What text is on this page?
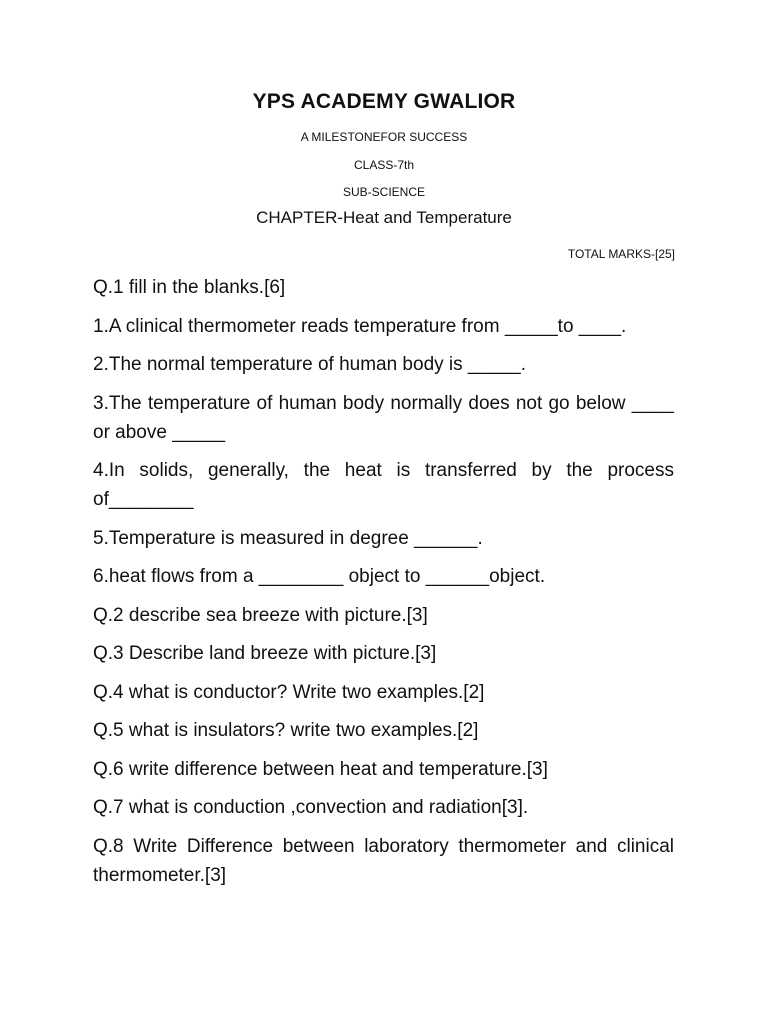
YPS ACADEMY GWALIOR

A MILESTONEFOR SUCCESS

CLASS-7th

SUB-SCIENCE

CHAPTER-Heat and Temperature

TOTAL MARKS-[25]

Q.1 fill in the blanks.[6]

1.A clinical thermometer reads temperature from _____to ____.

2.The normal temperature of human body is _____.

3.The temperature of human body normally does not go below ____ or above _____

4.In solids, generally, the heat is transferred by the process of________

5.Temperature is measured in degree ______.

6.heat flows from a ________ object to ______object.

Q.2 describe sea breeze with picture.[3]

Q.3 Describe land breeze with picture.[3]

Q.4 what is conductor? Write two examples.[2]

Q.5 what is insulators? write two examples.[2]

Q.6 write difference between heat and temperature.[3]

Q.7 what is conduction ,convection and radiation[3].

Q.8 Write Difference between laboratory thermometer and clinical thermometer.[3]
